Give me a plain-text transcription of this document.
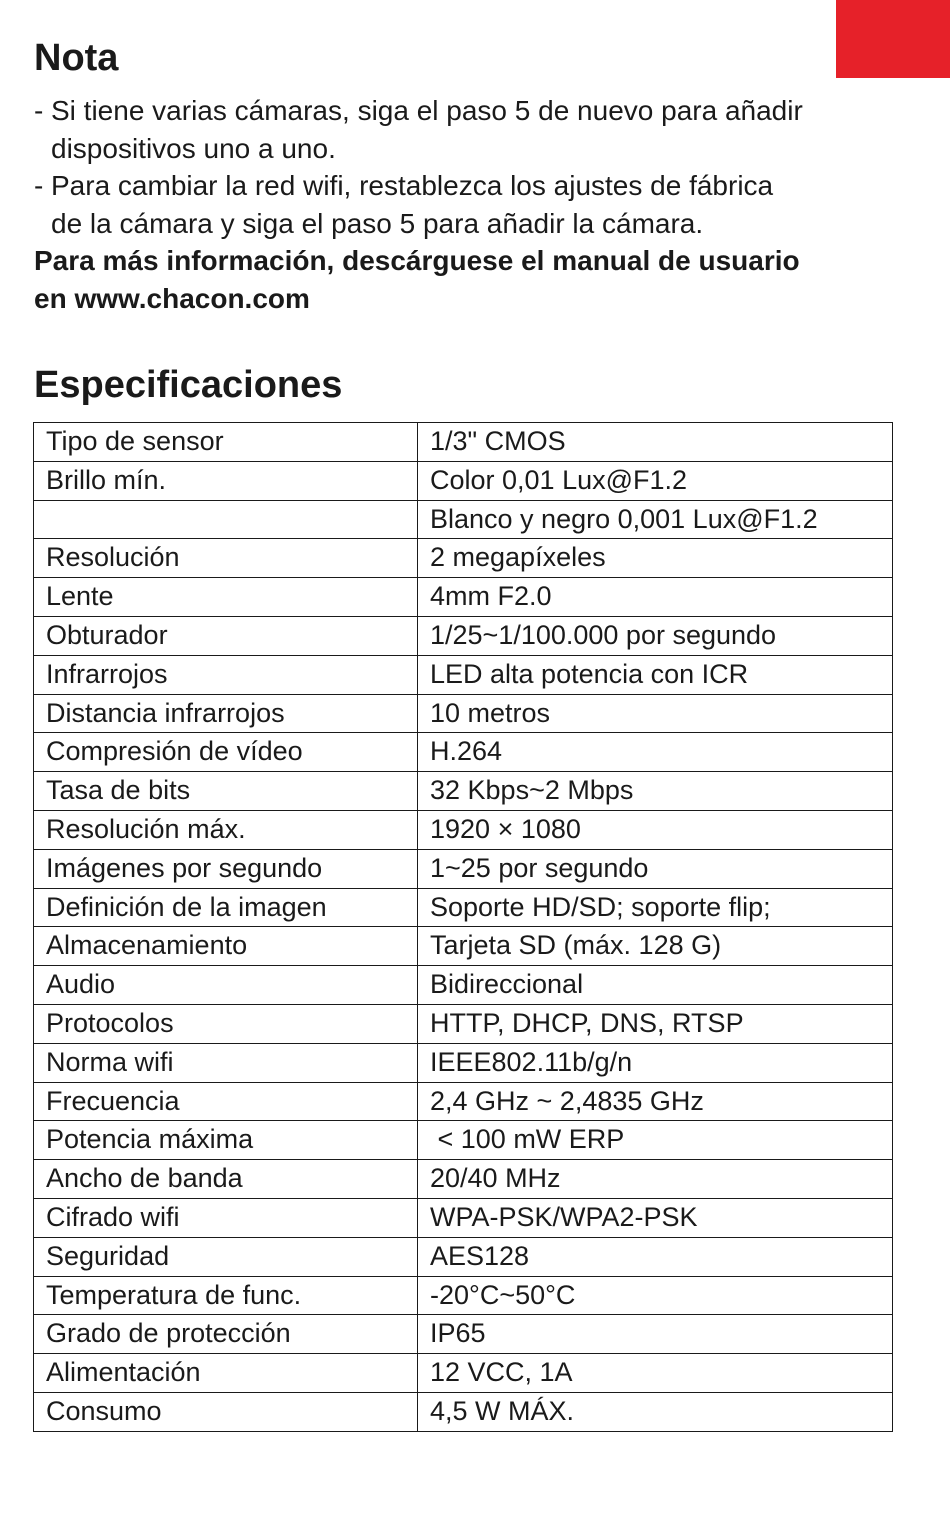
Nota
- Si tiene varias cámaras, siga el paso 5 de nuevo para añadir
dispositivos uno a uno.
- Para cambiar la red wifi, restablezca los ajustes de fábrica
de la cámara y siga el paso 5 para añadir la cámara.
Para más información, descárguese el manual de usuario
en www.chacon.com
Especificaciones
Tipo de sensor	1/3" CMOS
Brillo mín.	Color 0,01 Lux@F1.2
	Blanco y negro 0,001 Lux@F1.2
Resolución	2 megapíxeles
Lente	4mm F2.0
Obturador	1/25~1/100.000 por segundo
Infrarrojos	LED alta potencia con ICR
Distancia infrarrojos	10 metros
Compresión de vídeo	H.264
Tasa de bits	32 Kbps~2 Mbps
Resolución máx.	1920 × 1080
Imágenes por segundo	1~25 por segundo
Definición de la imagen	Soporte HD/SD; soporte flip;
Almacenamiento	Tarjeta SD (máx. 128 G)
Audio	Bidireccional
Protocolos	HTTP, DHCP, DNS, RTSP
Norma wifi	IEEE802.11b/g/n
Frecuencia	2,4 GHz ~ 2,4835 GHz
Potencia máxima	< 100 mW ERP
Ancho de banda	20/40 MHz
Cifrado wifi	WPA-PSK/WPA2-PSK
Seguridad	AES128
Temperatura de func.	-20°C~50°C
Grado de protección	IP65
Alimentación	12 VCC, 1A
Consumo	4,5 W MÁX.
